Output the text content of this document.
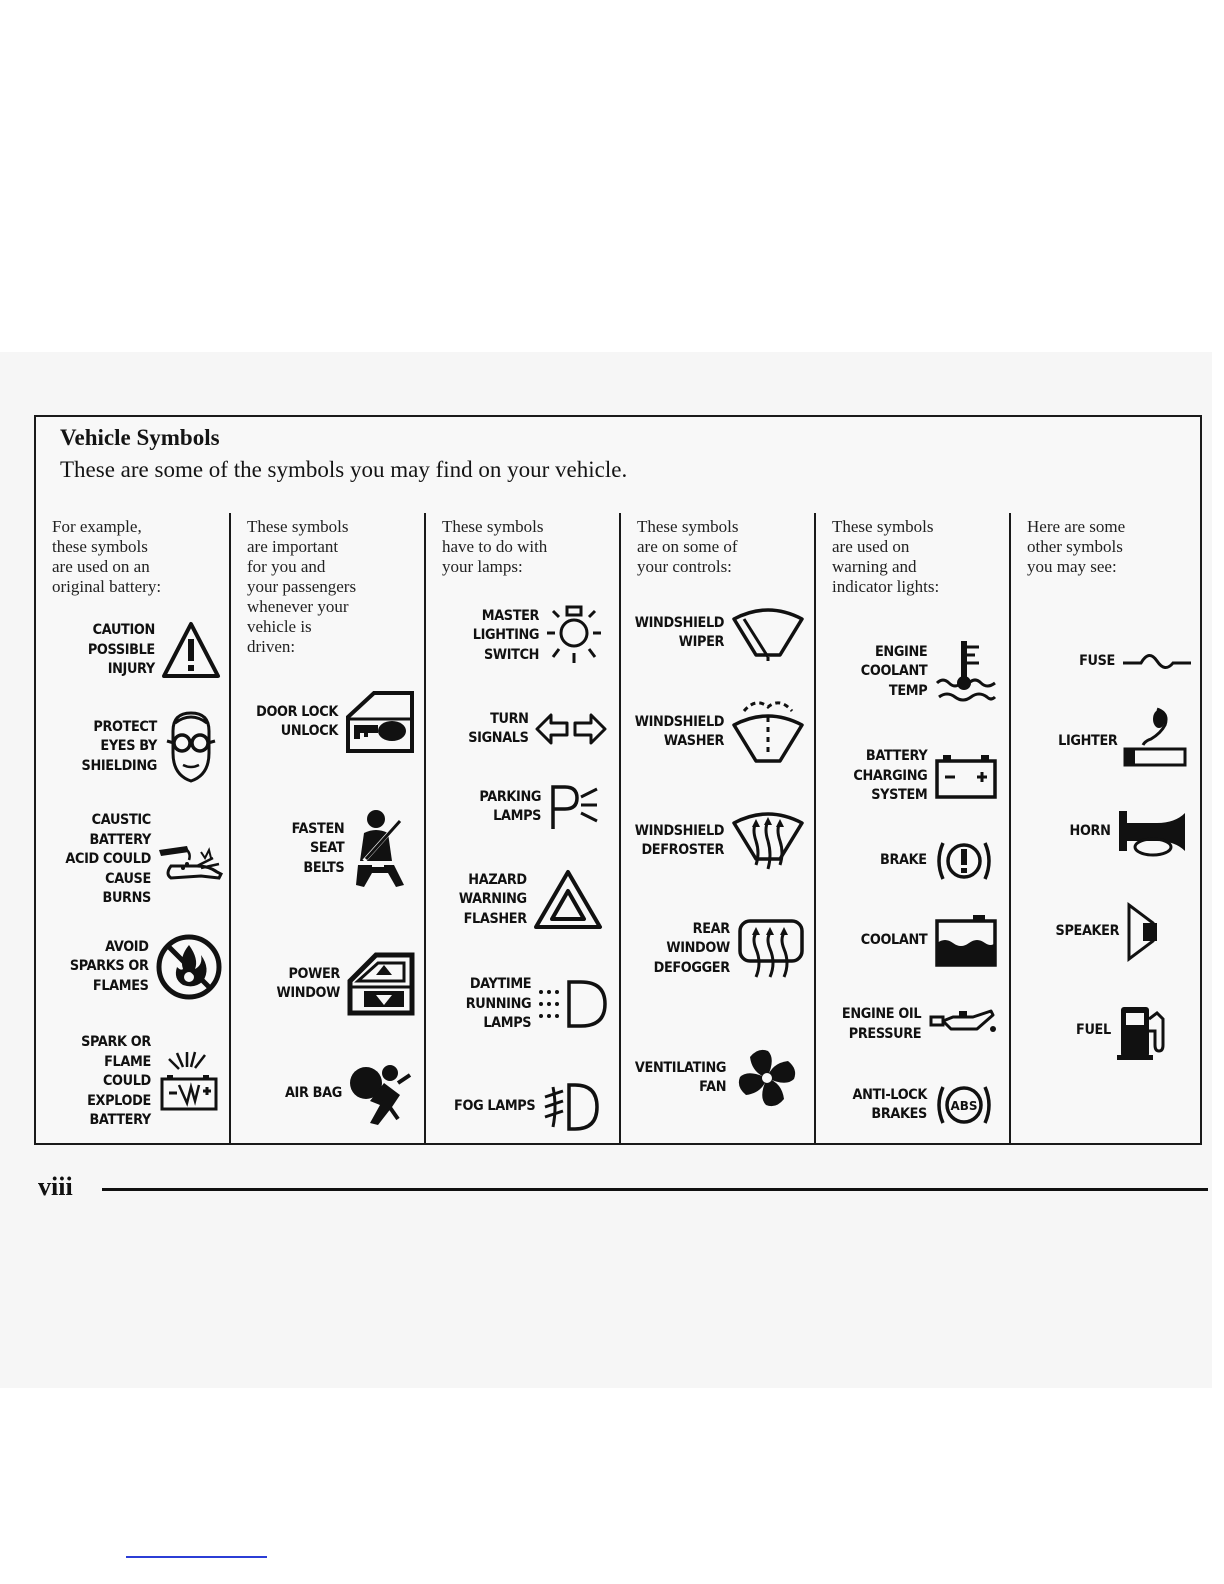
Vehicle Symbols
These are some of the symbols you may find on your vehicle.
For example,
these symbols
are used on an
original battery:
CAUTION
POSSIBLE
INJURY
PROTECT
EYES BY
SHIELDING
CAUSTIC
BATTERY
ACID COULD
CAUSE
BURNS
AVOID
SPARKS OR
FLAMES
SPARK OR
FLAME
COULD
EXPLODE
BATTERY
These symbols
are important
for you and
your passengers
whenever your
vehicle is
driven:
DOOR LOCK
UNLOCK
FASTEN
SEAT
BELTS
POWER
WINDOW
AIR BAG
These symbols
have to do with
your lamps:
MASTER
LIGHTING
SWITCH
TURN
SIGNALS
PARKING
LAMPS
HAZARD
WARNING
FLASHER
DAYTIME
RUNNING
LAMPS
FOG LAMPS
These symbols
are on some of
your controls:
WINDSHIELD
WIPER
WINDSHIELD
WASHER
WINDSHIELD
DEFROSTER
REAR
WINDOW
DEFOGGER
VENTILATING
FAN
These symbols
are used on
warning and
indicator lights:
ENGINE
COOLANT
TEMP
BATTERY
CHARGING
SYSTEM
BRAKE
COOLANT
ENGINE OIL
PRESSURE
ANTI-LOCK
BRAKES ABS
Here are some
other symbols
you may see:
FUSE
LIGHTER
HORN
SPEAKER
FUEL
viii
